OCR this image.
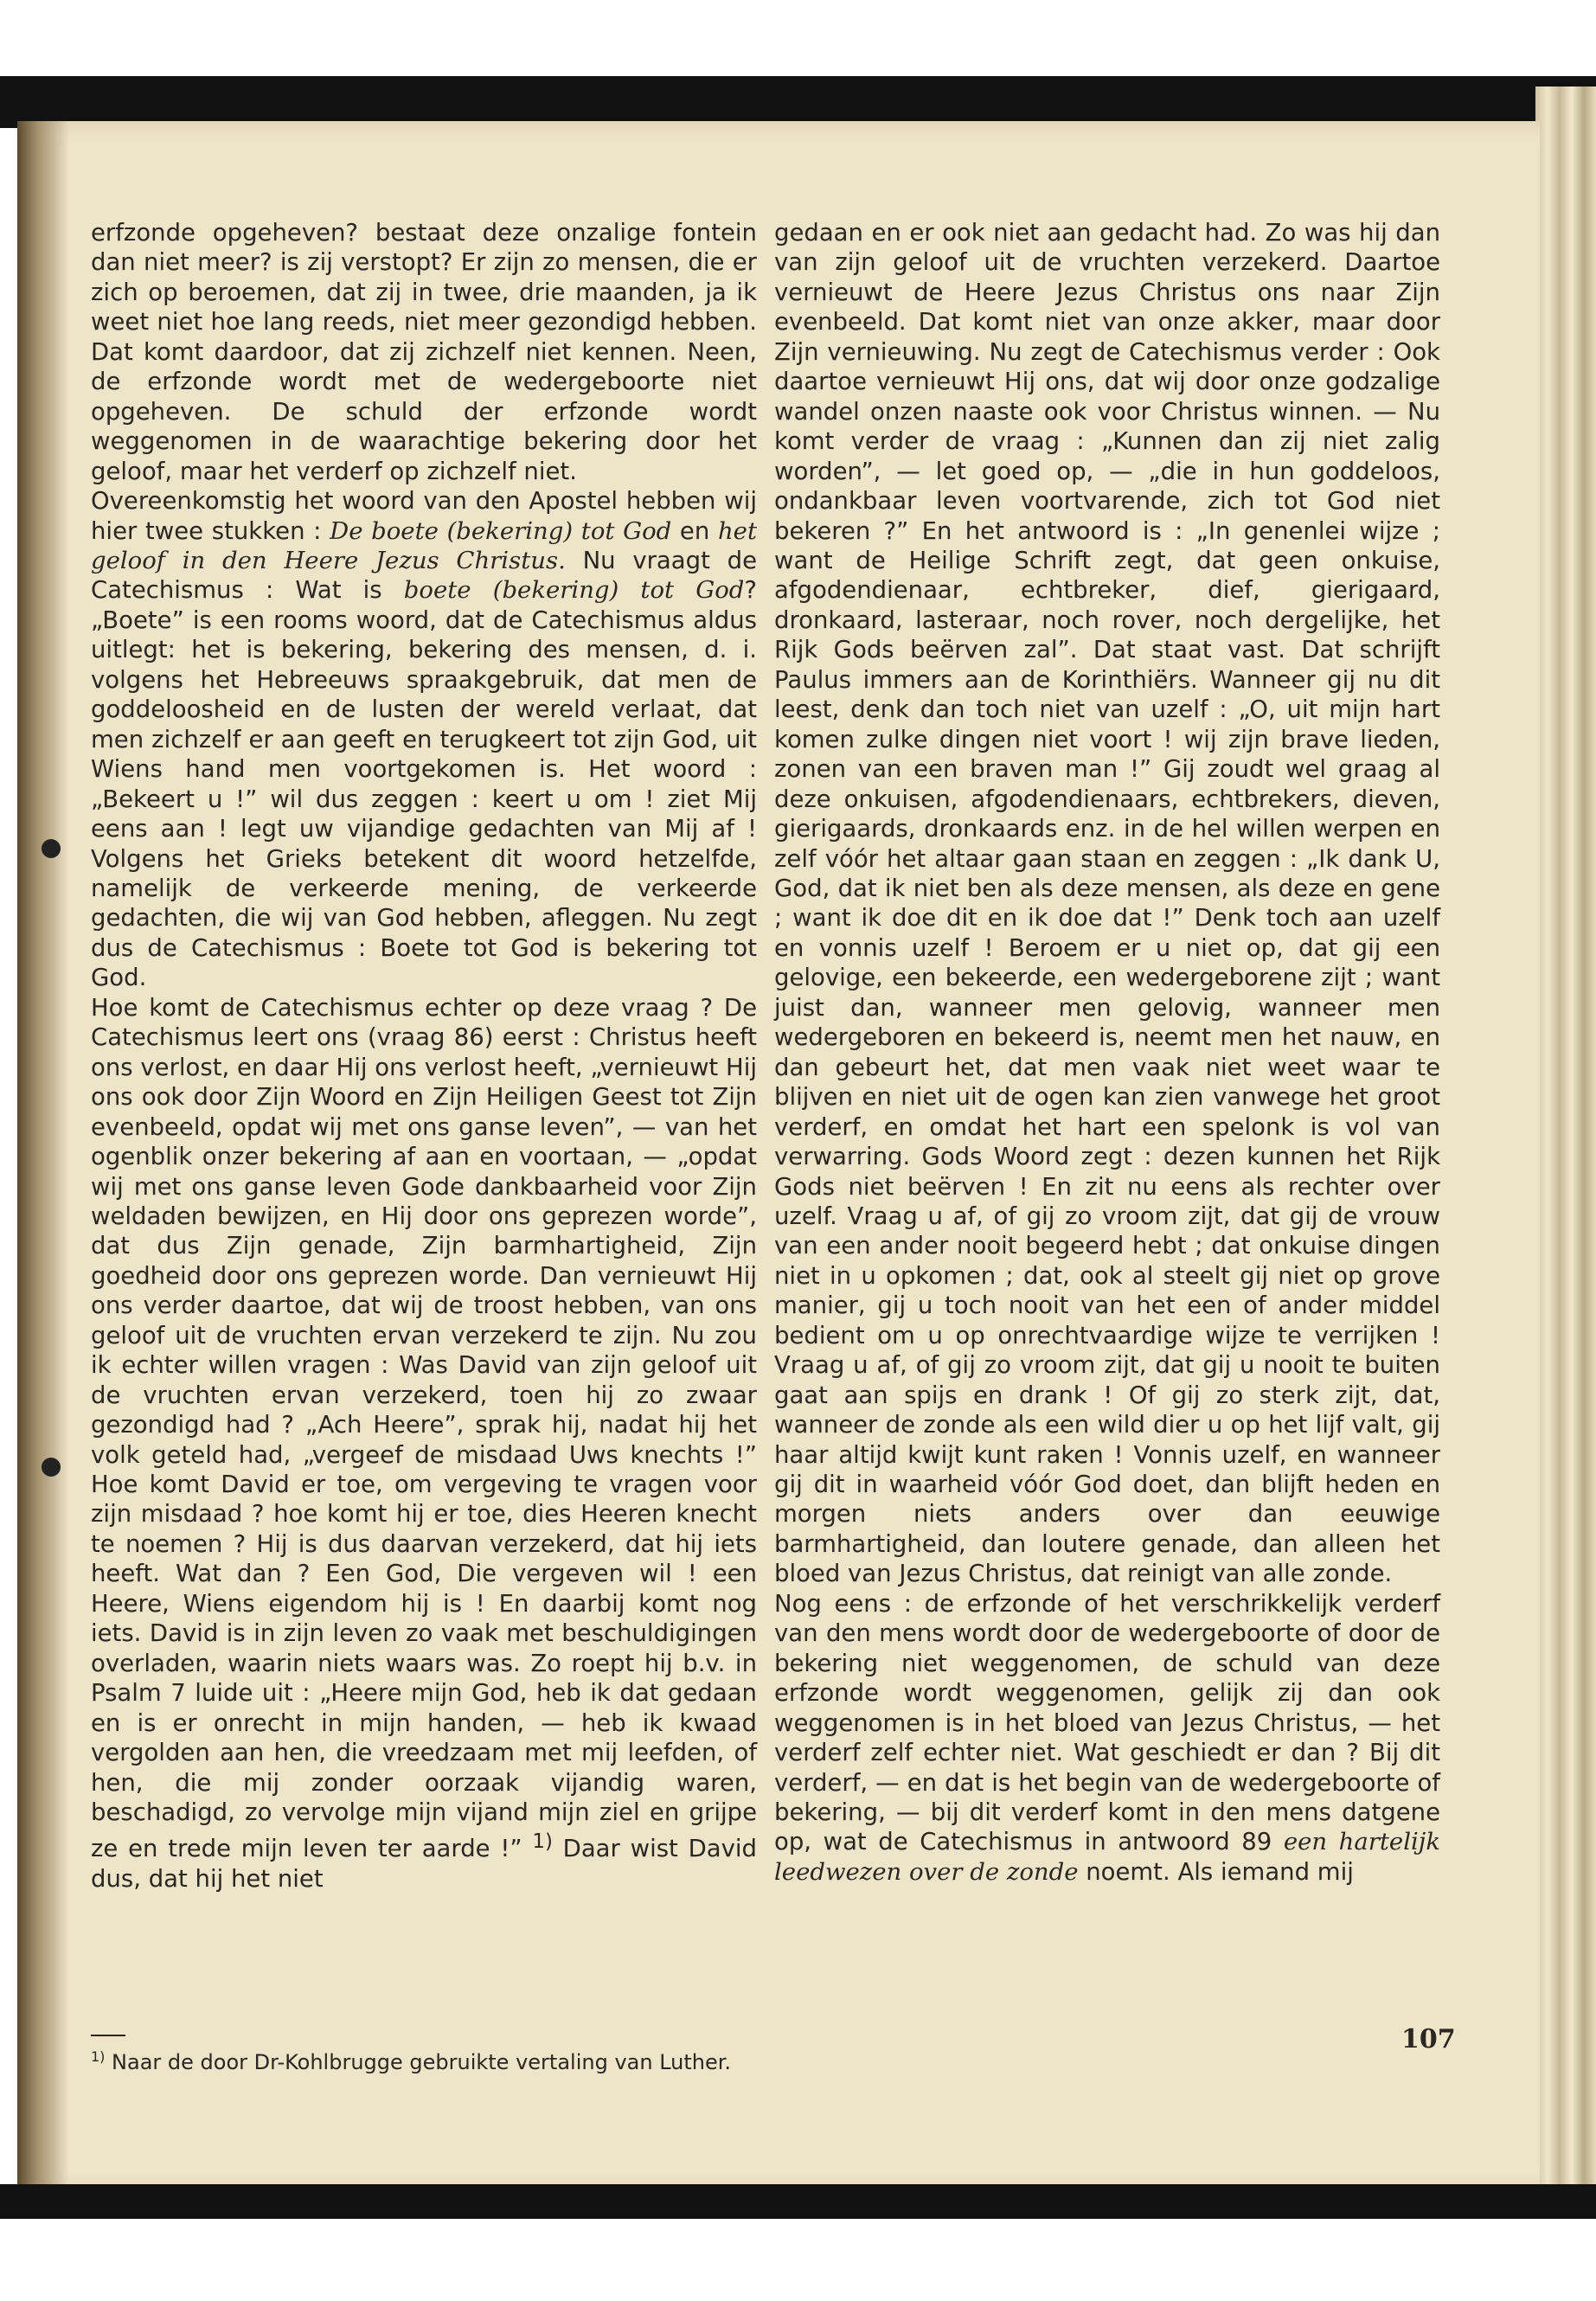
erfzonde opgeheven? bestaat deze onzalige fontein dan niet meer? is zij verstopt? Er zijn zo mensen, die er zich op beroemen, dat zij in twee, drie maanden, ja ik weet niet hoe lang reeds, niet meer gezondigd hebben. Dat komt daardoor, dat zij zichzelf niet kennen. Neen, de erfzonde wordt met de wedergeboorte niet opgeheven. De schuld der erfzonde wordt weggenomen in de waarachtige bekering door het geloof, maar het verderf op zichzelf niet.

Overeenkomstig het woord van den Apostel hebben wij hier twee stukken : De boete (bekering) tot God en het geloof in den Heere Jezus Christus. Nu vraagt de Catechismus : Wat is boete (bekering) tot God? „Boete” is een rooms woord, dat de Catechismus aldus uitlegt: het is bekering, bekering des mensen, d. i. volgens het Hebreeuws spraakgebruik, dat men de goddeloosheid en de lusten der wereld verlaat, dat men zichzelf er aan geeft en terugkeert tot zijn God, uit Wiens hand men voortgekomen is. Het woord : „Bekeert u !” wil dus zeggen : keert u om ! ziet Mij eens aan ! legt uw vijandige gedachten van Mij af ! Volgens het Grieks betekent dit woord hetzelfde, namelijk de verkeerde mening, de verkeerde gedachten, die wij van God hebben, afleggen. Nu zegt dus de Catechismus : Boete tot God is bekering tot God.

Hoe komt de Catechismus echter op deze vraag ? De Catechismus leert ons (vraag 86) eerst : Christus heeft ons verlost, en daar Hij ons verlost heeft, „vernieuwt Hij ons ook door Zijn Woord en Zijn Heiligen Geest tot Zijn evenbeeld, opdat wij met ons ganse leven”, — van het ogenblik onzer bekering af aan en voortaan, — „opdat wij met ons ganse leven Gode dankbaarheid voor Zijn weldaden bewijzen, en Hij door ons geprezen worde”, dat dus Zijn genade, Zijn barmhartigheid, Zijn goedheid door ons geprezen worde. Dan vernieuwt Hij ons verder daartoe, dat wij de troost hebben, van ons geloof uit de vruchten ervan verzekerd te zijn. Nu zou ik echter willen vragen : Was David van zijn geloof uit de vruchten ervan verzekerd, toen hij zo zwaar gezondigd had ? „Ach Heere”, sprak hij, nadat hij het volk geteld had, „vergeef de misdaad Uws knechts !” Hoe komt David er toe, om vergeving te vragen voor zijn misdaad ? hoe komt hij er toe, dies Heeren knecht te noemen ? Hij is dus daarvan verzekerd, dat hij iets heeft. Wat dan ? Een God, Die vergeven wil ! een Heere, Wiens eigendom hij is ! En daarbij komt nog iets. David is in zijn leven zo vaak met beschuldigingen overladen, waarin niets waars was. Zo roept hij b.v. in Psalm 7 luide uit : „Heere mijn God, heb ik dat gedaan en is er onrecht in mijn handen, — heb ik kwaad vergolden aan hen, die vreedzaam met mij leefden, of hen, die mij zonder oorzaak vijandig waren, beschadigd, zo vervolge mijn vijand mijn ziel en grijpe ze en trede mijn leven ter aarde !” $^{1)}$ Daar wist David dus, dat hij het niet

$^{1)}$ Naar de door Dr-Kohlbrugge gebruikte vertaling van Luther.

gedaan en er ook niet aan gedacht had. Zo was hij dan van zijn geloof uit de vruchten verzekerd. Daartoe vernieuwt de Heere Jezus Christus ons naar Zijn evenbeeld. Dat komt niet van onze akker, maar door Zijn vernieuwing. Nu zegt de Catechismus verder : Ook daartoe vernieuwt Hij ons, dat wij door onze godzalige wandel onzen naaste ook voor Christus winnen. — Nu komt verder de vraag : „Kunnen dan zij niet zalig worden”, — let goed op, — „die in hun goddeloos, ondankbaar leven voortvarende, zich tot God niet bekeren ?” En het antwoord is : „In genenlei wijze ; want de Heilige Schrift zegt, dat geen onkuise, afgodendienaar, echtbreker, dief, gierigaard, dronkaard, lasteraar, noch rover, noch dergelijke, het Rijk Gods beërven zal”. Dat staat vast. Dat schrijft Paulus immers aan de Korinthiërs. Wanneer gij nu dit leest, denk dan toch niet van uzelf : „O, uit mijn hart komen zulke dingen niet voort ! wij zijn brave lieden, zonen van een braven man !” Gij zoudt wel graag al deze onkuisen, afgodendienaars, echtbrekers, dieven, gierigaards, dronkaards enz. in de hel willen werpen en zelf vóór het altaar gaan staan en zeggen : „Ik dank U, God, dat ik niet ben als deze mensen, als deze en gene ; want ik doe dit en ik doe dat !” Denk toch aan uzelf en vonnis uzelf ! Beroem er u niet op, dat gij een gelovige, een bekeerde, een wedergeborene zijt ; want juist dan, wanneer men gelovig, wanneer men wedergeboren en bekeerd is, neemt men het nauw, en dan gebeurt het, dat men vaak niet weet waar te blijven en niet uit de ogen kan zien vanwege het groot verderf, en omdat het hart een spelonk is vol van verwarring. Gods Woord zegt : dezen kunnen het Rijk Gods niet beërven ! En zit nu eens als rechter over uzelf. Vraag u af, of gij zo vroom zijt, dat gij de vrouw van een ander nooit begeerd hebt ; dat onkuise dingen niet in u opkomen ; dat, ook al steelt gij niet op grove manier, gij u toch nooit van het een of ander middel bedient om u op onrechtvaardige wijze te verrijken ! Vraag u af, of gij zo vroom zijt, dat gij u nooit te buiten gaat aan spijs en drank ! Of gij zo sterk zijt, dat, wanneer de zonde als een wild dier u op het lijf valt, gij haar altijd kwijt kunt raken ! Vonnis uzelf, en wanneer gij dit in waarheid vóór God doet, dan blijft heden en morgen niets anders over dan eeuwige barmhartigheid, dan loutere genade, dan alleen het bloed van Jezus Christus, dat reinigt van alle zonde.

Nog eens : de erfzonde of het verschrikkelijk verderf van den mens wordt door de wedergeboorte of door de bekering niet weggenomen, de schuld van deze erfzonde wordt weggenomen, gelijk zij dan ook weggenomen is in het bloed van Jezus Christus, — het verderf zelf echter niet. Wat geschiedt er dan ? Bij dit verderf, — en dat is het begin van de wedergeboorte of bekering, — bij dit verderf komt in den mens datgene op, wat de Catechismus in antwoord 89 een hartelijk leedwezen over de zonde noemt. Als iemand mij

107
